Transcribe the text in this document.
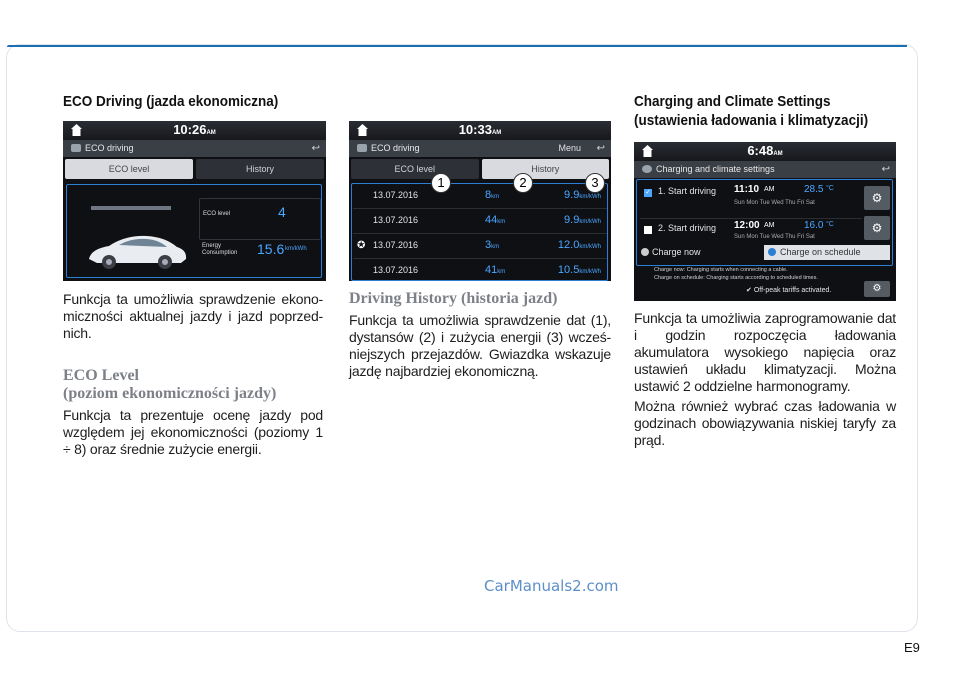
ECO Driving (jazda ekonomiczna)
10:26AM
ECO driving	↩
ECO level	History
ECO level	4
Energy
Consumption 15.6 km/kWh

Funkcja ta umożliwia sprawdzenie ekono-miczności aktualnej jazdy i jazd poprzed-nich.

ECO Level
(poziom ekonomiczności jazdy)

Funkcja ta prezentuje ocenę jazdy pod względem jej ekonomiczności (poziomy 1 ÷ 8) oraz średnie zużycie energii.

10:33AM
ECO driving	Menu ↩
ECO level	History
13.07.2016	8km	9.9km/kWh
13.07.2016	44km	9.9km/kWh
✪ 13.07.2016	3km	12.0km/kWh
13.07.2016	41km	10.5km/kWh
1	2	3
Driving History (historia jazd)

Funkcja ta umożliwia sprawdzenie dat (1), dystansów (2) i zużycia energii (3) wcześ-niejszych przejazdów. Gwiazdka wskazuje jazdę najbardziej ekonomiczną.

Charging and Climate Settings
(ustawienia ładowania i klimatyzacji)
6:48AM
Charging and climate settings	↩
✓ 1. Start driving 11:10 AM	28.5 °C
Sun Mon Tue Wed Thu Fri Sat	⚙
2. Start driving 12:00 AM	16.0 °C
Sun Mon Tue Wed Thu Fri Sat
⚙
Charge now	Charge on schedule
Charge now: Charging starts when connecting a cable.
Charge on schedule: Charging starts according to scheduled times.
✔ Off-peak tariffs activated.	⚙

Funkcja ta umożliwia zaprogramowanie dat i godzin rozpoczęcia ładowania akumulatora wysokiego napięcia oraz ustawień układu klimatyzacji. Można ustawić 2 oddzielne harmonogramy.

Można również wybrać czas ładowania w godzinach obowiązywania niskiej taryfy za prąd.

CarManuals2.com
E9
